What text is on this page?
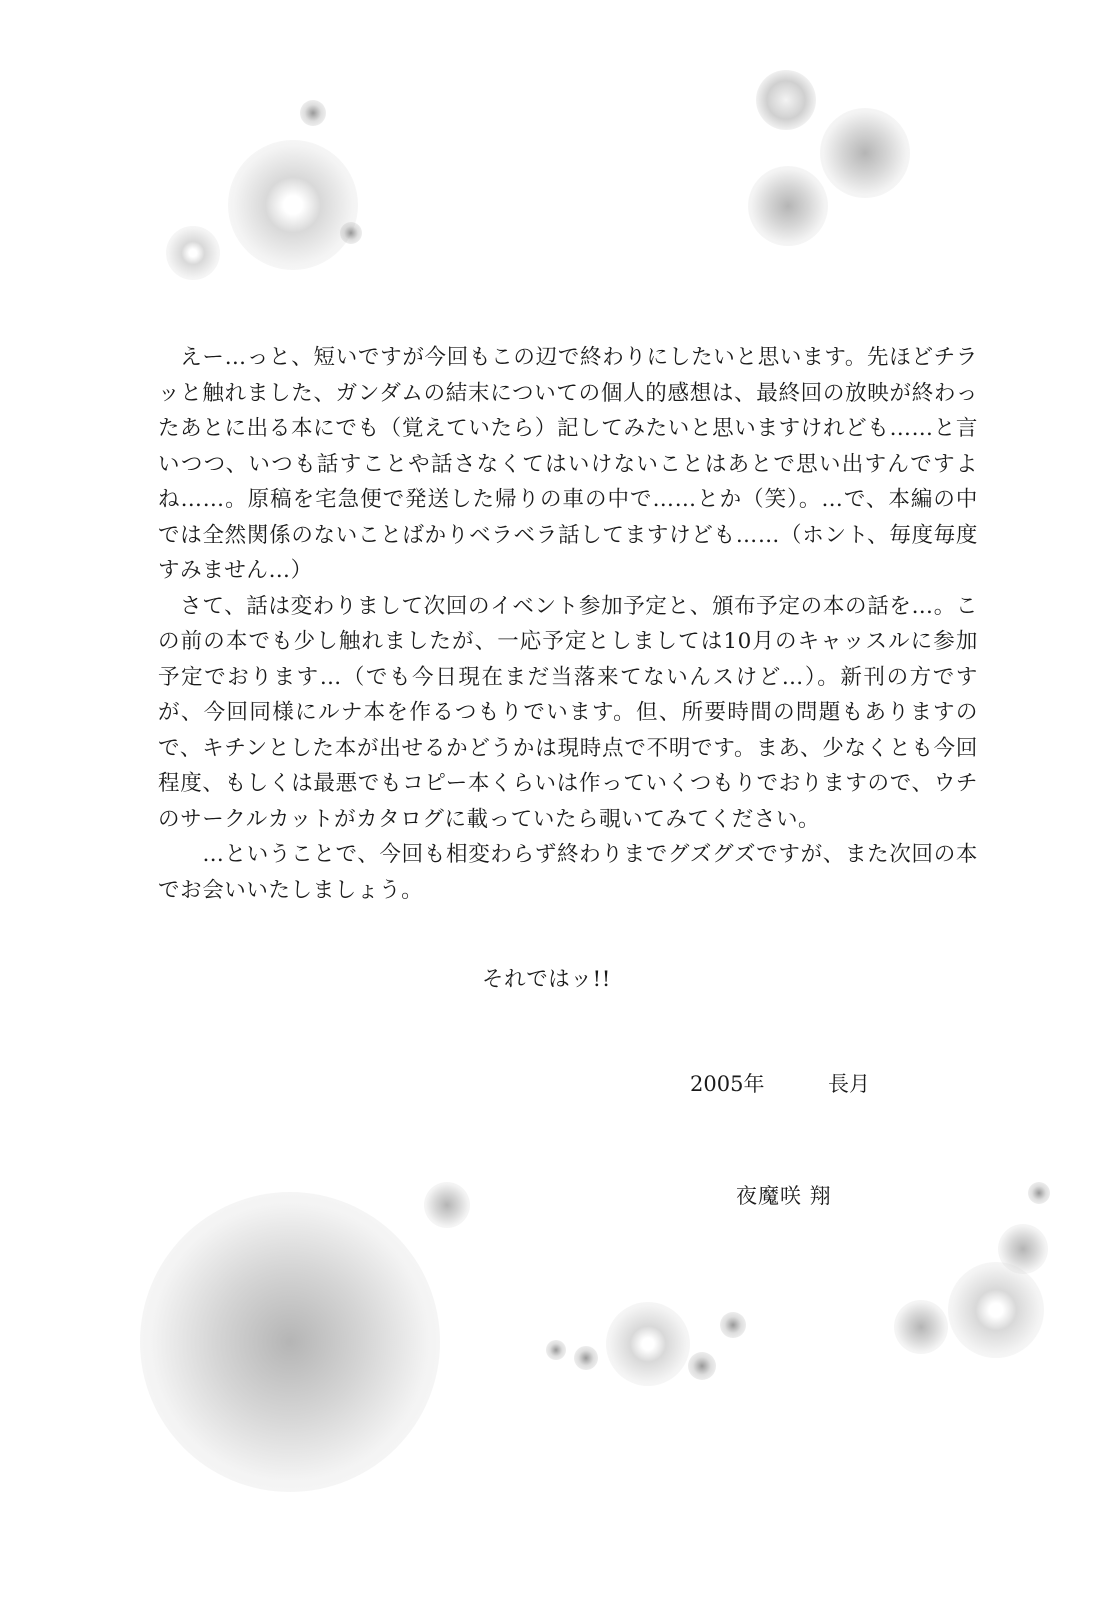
　えー…っと、短いですが今回もこの辺で終わりにしたいと思います。先ほどチラッと触れました、ガンダムの結末についての個人的感想は、最終回の放映が終わったあとに出る本にでも（覚えていたら）記してみたいと思いますけれども……と言いつつ、いつも話すことや話さなくてはいけないことはあとで思い出すんですよね……。原稿を宅急便で発送した帰りの車の中で……とか（笑）。…で、本編の中では全然関係のないことばかりベラベラ話してますけども……（ホント、毎度毎度すみません…）

　さて、話は変わりまして次回のイベント参加予定と、頒布予定の本の話を…。この前の本でも少し触れましたが、一応予定としましては10月のキャッスルに参加予定でおります…（でも今日現在まだ当落来てないんスけど…）。新刊の方ですが、今回同様にルナ本を作るつもりでいます。但、所要時間の問題もありますので、キチンとした本が出せるかどうかは現時点で不明です。まあ、少なくとも今回程度、もしくは最悪でもコピー本くらいは作っていくつもりでおりますので、ウチのサークルカットがカタログに載っていたら覗いてみてください。

　　…ということで、今回も相変わらず終わりまでグズグズですが、また次回の本でお会いいたしましょう。

それではッ!!
2005年	長月
夜魔咲 翔
